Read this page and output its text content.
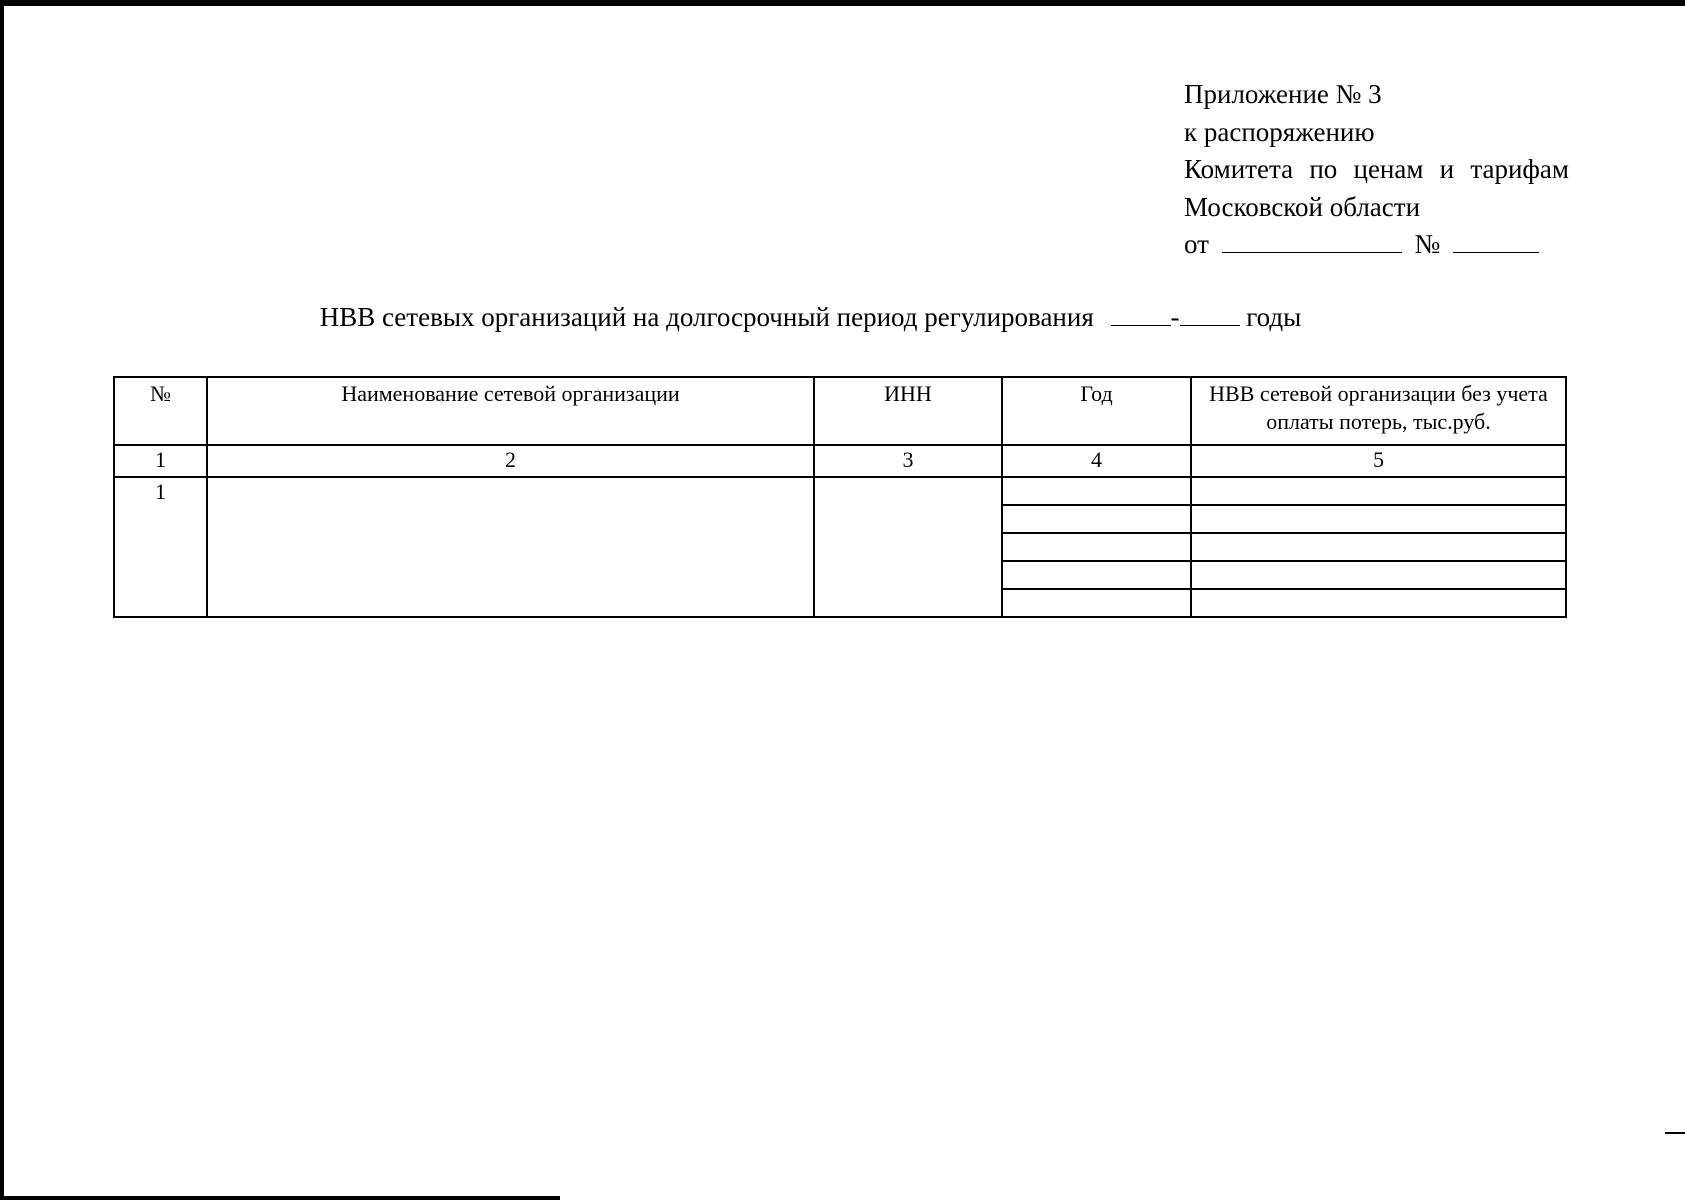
Приложение № 3
к распоряжению
Комитета по ценам и тарифам
Московской области
от	№
НВВ сетевых организаций на долгосрочный период регулирования	- годы
№	Наименование сетевой организации	ИНН	Год	НВВ сетевой организации без учета оплаты потерь, тыс.руб.
1	2	3	4	5
1				
